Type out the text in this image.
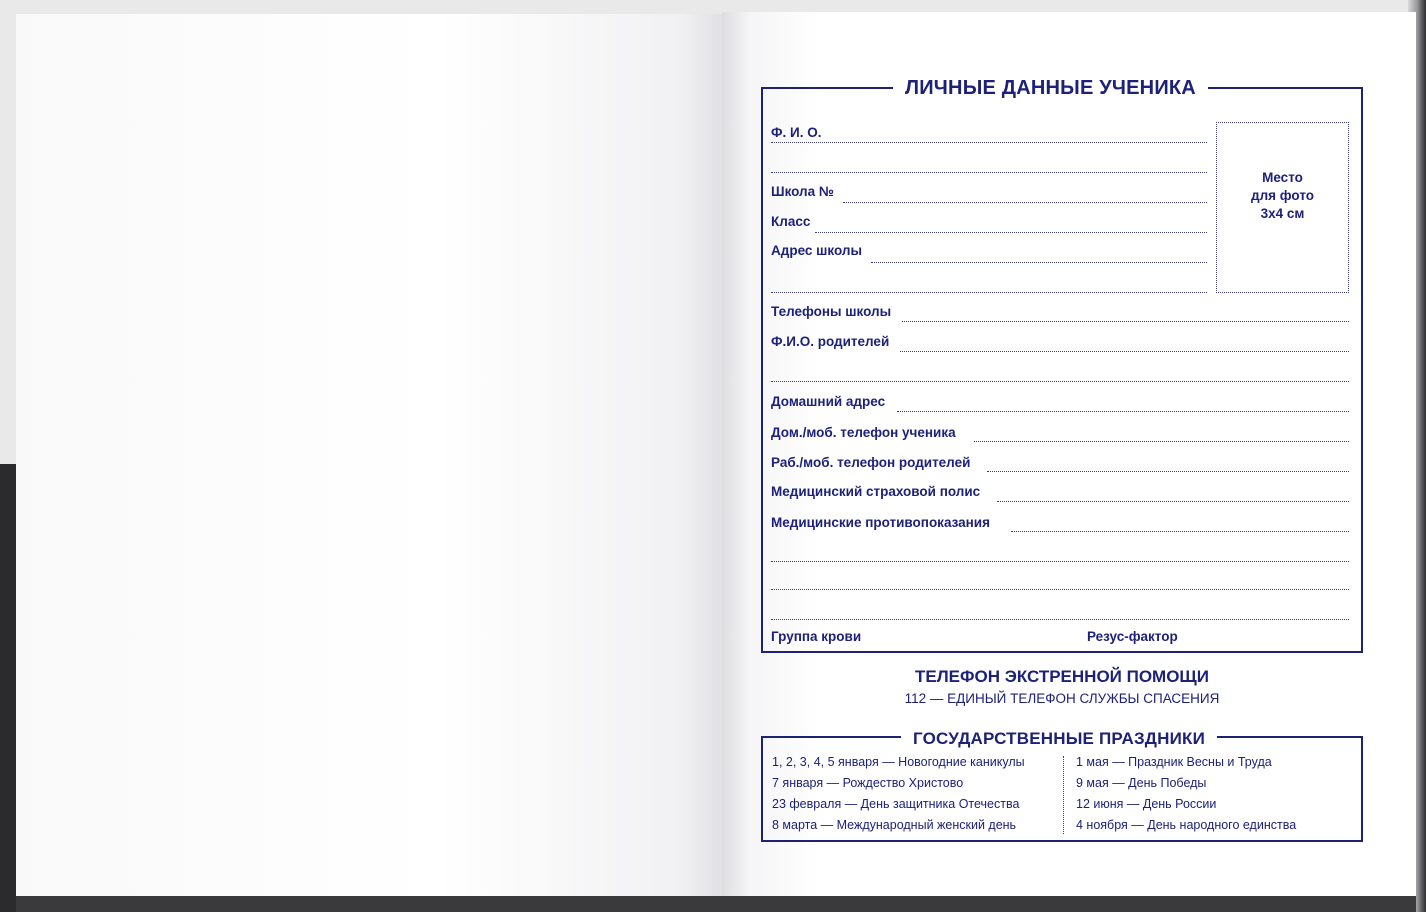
ЛИЧНЫЕ ДАННЫЕ УЧЕНИКА
Место
для фото
3x4 см
Ф. И. О.
Школа №
Класс
Адрес школы
Телефоны школы
Ф.И.О. родителей
Домашний адрес
Дом./моб. телефон ученика
Раб./моб. телефон родителей
Медицинский страховой полис
Медицинские противопоказания
Группа крови	Резус-фактор
ТЕЛЕФОН ЭКСТРЕННОЙ ПОМОЩИ
112 — ЕДИНЫЙ ТЕЛЕФОН СЛУЖБЫ СПАСЕНИЯ
ГОСУДАРСТВЕННЫЕ ПРАЗДНИКИ
1, 2, 3, 4, 5 января — Новогодние каникулы
7 января — Рождество Христово
23 февраля — День защитника Отечества
8 марта — Международный женский день
1 мая — Праздник Весны и Труда
9 мая — День Победы
12 июня — День России
4 ноября — День народного единства
